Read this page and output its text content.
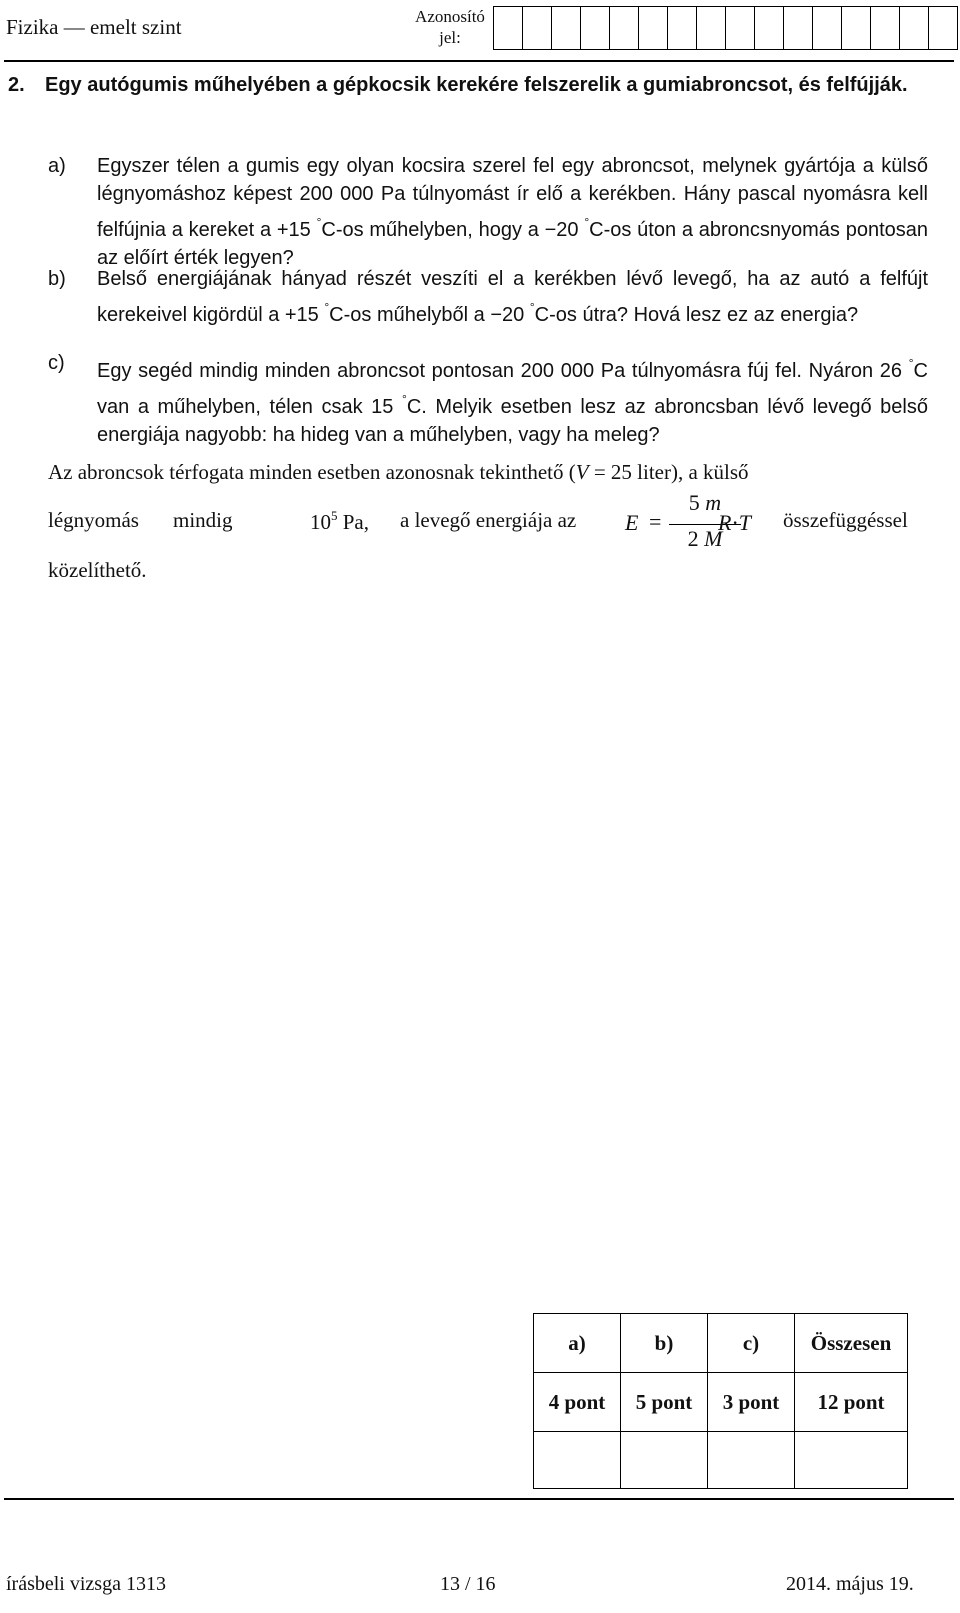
Fizika — emelt szint	Azonosító
jel:
2.	Egy autógumis műhelyében a gépkocsik kerekére felszerelik a gumiabroncsot, és felfújják.
a) Egyszer télen a gumis egy olyan kocsira szerel fel egy abroncsot, melynek gyártója a külső légnyomáshoz képest 200 000 Pa túlnyomást ír elő a kerékben. Hány pascal nyomásra kell felfújnia a kereket a +15 °C-os műhelyben, hogy a −20 °C-os úton a abroncsnyomás pontosan az előírt érték legyen?
b) Belső energiájának hányad részét veszíti el a kerékben lévő levegő, ha az autó a felfújt kerekeivel kigördül a +15 °C-os műhelyből a −20 °C-os útra? Hová lesz ez az energia?
c) Egy segéd mindig minden abroncsot pontosan 200 000 Pa túlnyomásra fúj fel. Nyáron 26 °C van a műhelyben, télen csak 15 °C. Melyik esetben lesz az abroncsban lévő levegő belső energiája nagyobb: ha hideg van a műhelyben, vagy ha meleg?
Az abroncsok térfogata minden esetben azonosnak tekinthető (V = 25 liter), a külső
légnyomás mindig	$10^5$ Pa, a levegő energiája az	összefüggéssel
E =
5 m
2 M
R·T
közelíthető.
a)	b)	c)	Összesen
4 pont	5 pont	3 pont	12 pont

írásbeli vizsga 1313	13 / 16	2014. május 19.
